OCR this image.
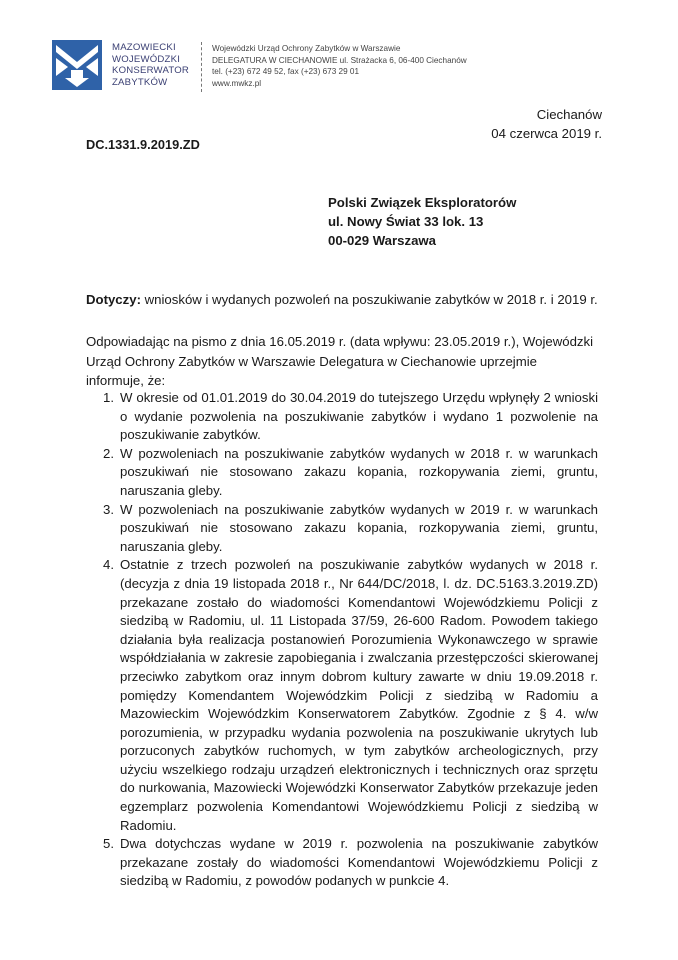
MAZOWIECKI
WOJEWÓDZKI
KONSERWATOR
ZABYTKÓW
Wojewódzki Urząd Ochrony Zabytków w Warszawie
DELEGATURA W CIECHANOWIE ul. Strażacka 6, 06-400 Ciechanów
tel. (+23) 672 49 52, fax (+23) 673 29 01
www.mwkz.pl
Ciechanów
04 czerwca 2019 r.
DC.1331.9.2019.ZD
Polski Związek Eksploratorów
ul. Nowy Świat 33 lok. 13
00-029 Warszawa
Dotyczy: wniosków i wydanych pozwoleń na poszukiwanie zabytków w 2018 r. i 2019 r.
Odpowiadając na pismo z dnia 16.05.2019 r. (data wpływu: 23.05.2019 r.), Wojewódzki Urząd Ochrony Zabytków w Warszawie Delegatura w Ciechanowie uprzejmie informuje, że:
1. W okresie od 01.01.2019 do 30.04.2019 do tutejszego Urzędu wpłynęły 2 wnioski o wydanie pozwolenia na poszukiwanie zabytków i wydano 1 pozwolenie na poszukiwanie zabytków.
2. W pozwoleniach na poszukiwanie zabytków wydanych w 2018 r. w warunkach poszukiwań nie stosowano zakazu kopania, rozkopywania ziemi, gruntu, naruszania gleby.
3. W pozwoleniach na poszukiwanie zabytków wydanych w 2019 r. w warunkach poszukiwań nie stosowano zakazu kopania, rozkopywania ziemi, gruntu, naruszania gleby.
4. Ostatnie z trzech pozwoleń na poszukiwanie zabytków wydanych w 2018 r. (decyzja z dnia 19 listopada 2018 r., Nr 644/DC/2018, l. dz. DC.5163.3.2019.ZD) przekazane zostało do wiadomości Komendantowi Wojewódzkiemu Policji z siedzibą w Radomiu, ul. 11 Listopada 37/59, 26-600 Radom. Powodem takiego działania była realizacja postanowień Porozumienia Wykonawczego w sprawie współdziałania w zakresie zapobiegania i zwalczania przestępczości skierowanej przeciwko zabytkom oraz innym dobrom kultury zawarte w dniu 19.09.2018 r. pomiędzy Komendantem Wojewódzkim Policji z siedzibą w Radomiu a Mazowieckim Wojewódzkim Konserwatorem Zabytków. Zgodnie z § 4. w/w porozumienia, w przypadku wydania pozwolenia na poszukiwanie ukrytych lub porzuconych zabytków ruchomych, w tym zabytków archeologicznych, przy użyciu wszelkiego rodzaju urządzeń elektronicznych i technicznych oraz sprzętu do nurkowania, Mazowiecki Wojewódzki Konserwator Zabytków przekazuje jeden egzemplarz pozwolenia Komendantowi Wojewódzkiemu Policji z siedzibą w Radomiu.
5. Dwa dotychczas wydane w 2019 r. pozwolenia na poszukiwanie zabytków przekazane zostały do wiadomości Komendantowi Wojewódzkiemu Policji z siedzibą w Radomiu, z powodów podanych w punkcie 4.
